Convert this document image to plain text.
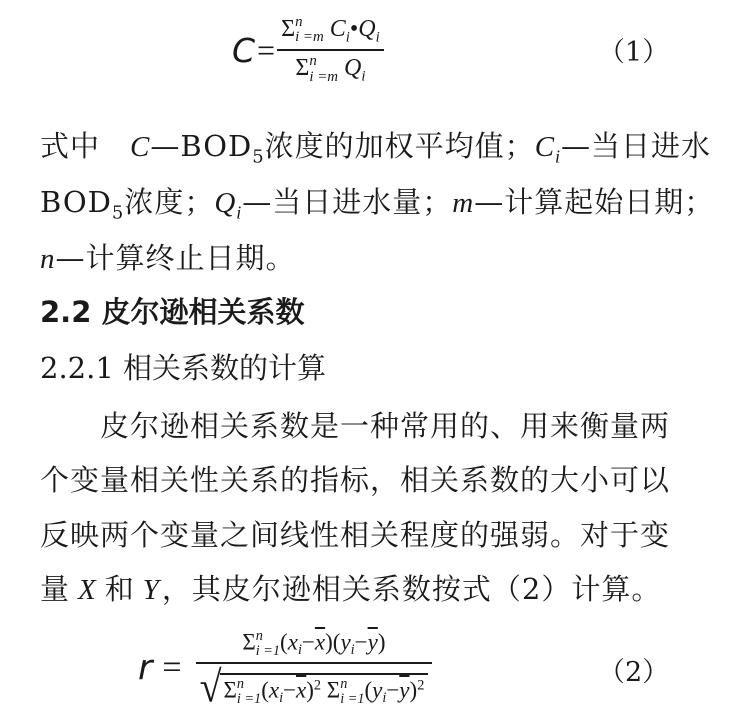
C = Σ n
i =m $C_i•Q_i$
Σ n
i =m $Q_i$	（1）
式中 $C—BOD_5$浓度的加权平均值；$C_i—$当日进水
$BOD_5$浓度；$Q_i—$当日进水量；m—计算起始日期；
n—计算终止日期。
2.2 皮尔逊相关系数
2.2.1 相关系数的计算
皮尔逊相关系数是一种常用的、用来衡量两
个变量相关性关系的指标，相关系数的大小可以
反映两个变量之间线性相关程度的强弱。对于变
量 X 和 Y，其皮尔逊相关系数按式（2）计算。
r = Σ n
i =1 $(x_i-\overline{x})(y_i-\overline{y})$
√ Σ n
i =1 $(x_i-\overline{x})^2$ Σ n
i =1 $(y_i-\overline{y})^2$	（2）
